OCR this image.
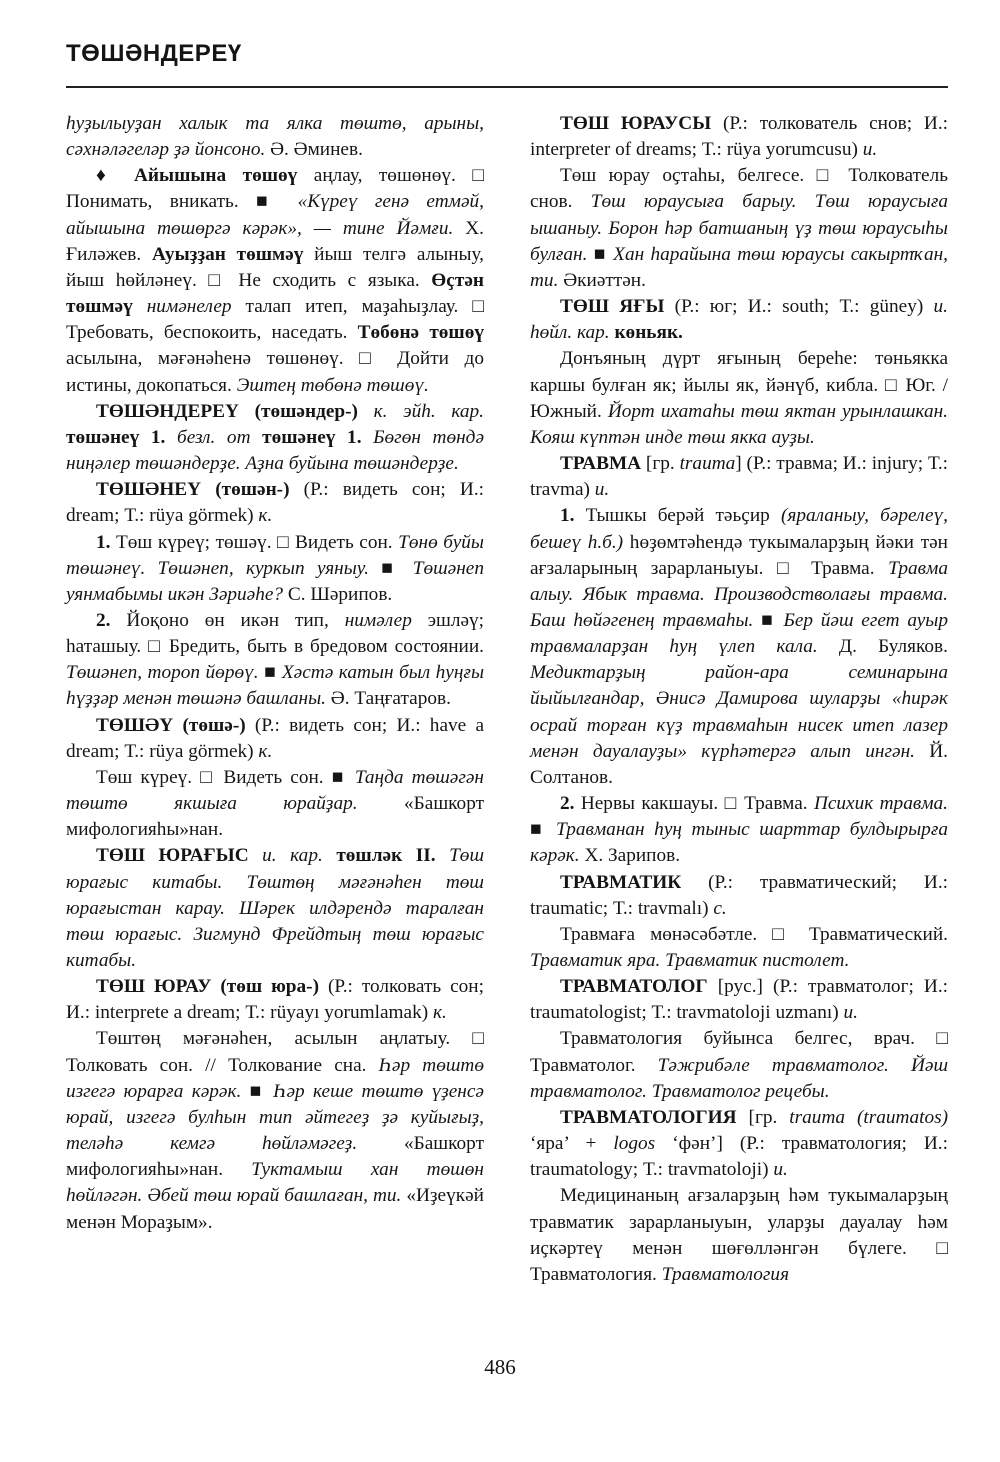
ТӨШӘНДЕРЕҮ

һуҙылыуҙан халык та ялка төштө, арыны, сәхнәләгеләр ҙә йонсоно. Ә. Әминев.

♦ Айышына төшөү аңлау, төшөнөү. □ Понимать, вникать. ■ «Күреү генә етмәй, айышына төшөргә кәрәк», — тине Йәмғи. Х. Ғиләжев. Ауыҙҙан төшмәү йыш телгә алыныу, йыш һөйләнеү. □ Не сходить с языка. Өҫтән төшмәү нимәнелер талап итеп, маҙаһыҙлау. □ Требовать, беспокоить, наседать. Төбөнә төшөү асылына, мәғәнәһенә төшөнөү. □ Дойти до истины, докопаться. Эштең төбөнә төшөү.

ТӨШӘНДЕРЕҮ (төшәндер-) к. эйһ. кар. төшәнеү 1. безл. от төшәнеү 1. Бөгөн төндә ниңәлер төшәндерҙе. Аҙна буйына төшәндерҙе.

ТӨШӘНЕҮ (төшән-) (Р.: видеть сон; И.: dream; Т.: rüya görmek) к.

1. Төш күреү; төшәү. □ Видеть сон. Төнө буйы төшәнеү. Төшәнеп, куркып уяныу. ■ Төшәнеп уянмабымы икән Зәриәһе? С. Шәрипов.

2. Йоқоно өн икән тип, нимәлер эшләү; һаташыу. □ Бредить, быть в бредовом состоянии. Төшәнеп, тороп йөрөү. ■ Хәстә катын был һуңғы һүҙҙәр менән төшәнә башланы. Ә. Таңғатаров.

ТӨШӘҮ (төшә-) (Р.: видеть сон; И.: have a dream; Т.: rüya görmek) к.

Төш күреү. □ Видеть сон. ■ Таңда төшәгән төштө якшыға юрайҙар. «Башкорт мифологияһы»нан.

ТӨШ ЮРАҒЫС и. кар. төшләк II. Төш юрағыс китабы. Төштөң мәғәнәһен төш юрағыстан карау. Шәрек илдәрендә таралған төш юрағыс. Зигмунд Фрейдтың төш юрағыс китабы.

ТӨШ ЮРАУ (төш юра-) (Р.: толковать сон; И.: interprete a dream; Т.: rüyayı yorumlamak) к.

Төштөң мәғәнәһен, асылын аңлатыу. □ Толковать сон. // Толкование сна. Һәр төштө изгегә юрарға кәрәк. ■ Һәр кеше төштө үҙенсә юрай, изгегә булһын тип әйтегеҙ ҙә куйығыҙ, теләһә кемгә һөйләмәгеҙ. «Башкорт мифологияһы»нан. Туктамыш хан төшөн һөйләгән. Әбей төш юрай башлаған, ти. «Иҙеүкәй менән Мораҙым».

ТӨШ ЮРАУСЫ (Р.: толкователь снов; И.: interpreter of dreams; Т.: rüya yorumcusu) и.

Төш юрау оҫтаһы, белгесе. □ Толкователь снов. Төш юраусыға барыу. Төш юраусыға ышаныу. Борон һәр батшаның үҙ төш юраусыһы булған. ■ Хан һарайына төш юраусы сакыртҡан, ти. Әкиәттән.

ТӨШ ЯҒЫ (Р.: юг; И.: south; Т.: güney) и. һөйл. кар. көньяк.

Донъяның дүрт яғының береһе: төньякка каршы булған як; йылы як, йәнүб, кибла. □ Юг. / Южный. Йорт ихатаһы төш яктан урынлашкан. Кояш күптән инде төш якка ауҙы.

ТРАВМА [гр. trauma] (Р.: травма; И.: injury; Т.: travma) и.

1. Тышкы берәй тәьҫир (яраланыу, бәрелеү, бешеү һ.б.) һөҙөмтәһендә тукымаларҙың йәки тән ағзаларының зарарланыуы. □ Травма. Травма алыу. Ябык травма. Производстволағы травма. Баш һөйәгенең травмаһы. ■ Бер йәш егет ауыр травмаларҙан һуң үлеп кала. Д. Буляков. Медиктарҙың район-ара семинарына йыйылғандар, Әнисә Дамирова шуларҙы «һирәк осрай торған күҙ травмаһын нисек итеп лазер менән дауалауҙы» күрһәтергә алып ингән. Й. Солтанов.

2. Нервы какшауы. □ Травма. Психик травма. ■ Травманан һуң тыныс шарттар булдырырға кәрәк. Х. Зарипов.

ТРАВМАТИК (Р.: травматический; И.: traumatic; Т.: travmalı) с.

Травмаға мөнәсәбәтле. □ Травматический. Травматик яра. Травматик пистолет.

ТРАВМАТОЛОГ [рус.] (Р.: травматолог; И.: traumatologist; Т.: travmatoloji uzmanı) и.

Травматология буйынса белгес, врач. □ Травматолог. Тәжрибәле травматолог. Йәш травматолог. Травматолог рецебы.

ТРАВМАТОЛОГИЯ [гр. trauma (traumatos) ‘яра’ + logos ‘фән’] (Р.: травматология; И.: traumatology; Т.: travmatoloji) и.

Медицинаның ағзаларҙың һәм тукымаларҙың травматик зарарланыуын, уларҙы дауалау һәм иҫкәртеү менән шөғөлләнгән бүлеге. □ Травматология. Травматология

486
